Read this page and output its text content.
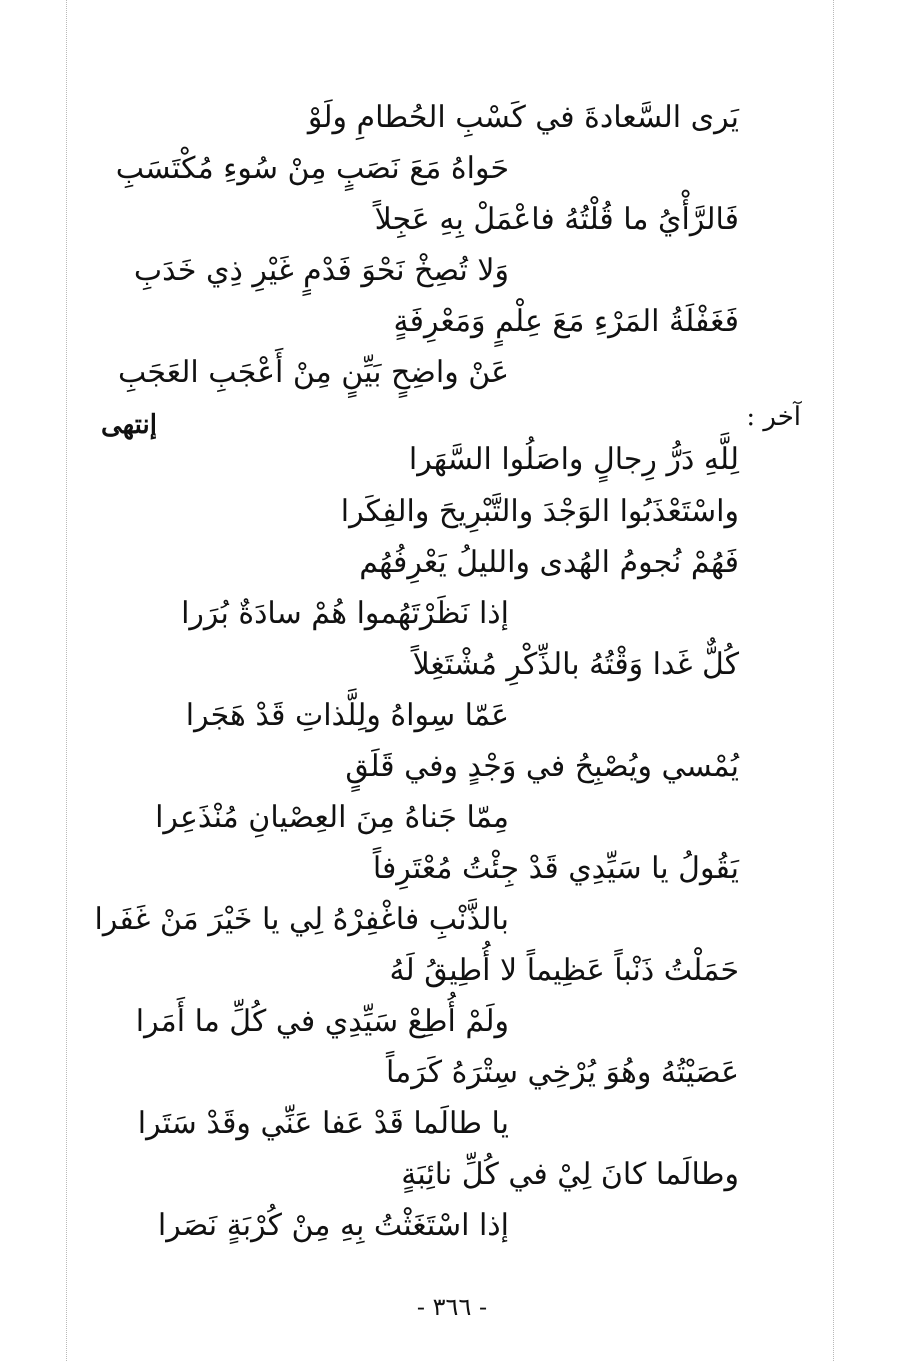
يَرى السَّعادةَ في كَسْبِ الحُطامِ ولَوْ
حَواهُ مَعَ نَصَبٍ مِنْ سُوءِ مُكْتَسَبِ
فَالرَّأْيُ ما قُلْتُهُ فاعْمَلْ بِهِ عَجِلاً
وَلا تُصِخْ نَحْوَ فَدْمٍ غَيْرِ ذِي خَدَبِ
فَغَفْلَةُ المَرْءِ مَعَ عِلْمٍ وَمَعْرِفَةٍ
عَنْ واضِحٍ بَيِّنٍ مِنْ أَعْجَبِ العَجَبِ
آخر :
إنتهى
لِلَّهِ دَرُّ رِجالٍ واصَلُوا السَّهَرا
واسْتَعْذَبُوا الوَجْدَ والتَّبْرِيحَ والفِكَرا
فَهُمْ نُجومُ الهُدى والليلُ يَعْرِفُهُم
إذا نَظَرْتَهُموا هُمْ سادَةٌ بُرَرا
كُلٌّ غَدا وَقْتُهُ بالذِّكْرِ مُشْتَغِلاً
عَمّا سِواهُ ولِلَّذاتِ قَدْ هَجَرا
يُمْسي ويُصْبِحُ في وَجْدٍ وفي قَلَقٍ
مِمّا جَناهُ مِنَ العِصْيانِ مُنْذَعِرا
يَقُولُ يا سَيِّدِي قَدْ جِئْتُ مُعْتَرِفاً
بالذَّنْبِ فاغْفِرْهُ لِي يا خَيْرَ مَنْ غَفَرا
حَمَلْتُ ذَنْباً عَظِيماً لا أُطِيقُ لَهُ
ولَمْ أُطِعْ سَيِّدِي في كُلِّ ما أَمَرا
عَصَيْتُهُ وهُوَ يُرْخِي سِتْرَهُ كَرَماً
يا طالَما قَدْ عَفا عَنِّي وقَدْ سَتَرا
وطالَما كانَ لِيْ في كُلِّ نائِبَةٍ
إذا اسْتَغَثْتُ بِهِ مِنْ كُرْبَةٍ نَصَرا
- ٣٦٦ -
